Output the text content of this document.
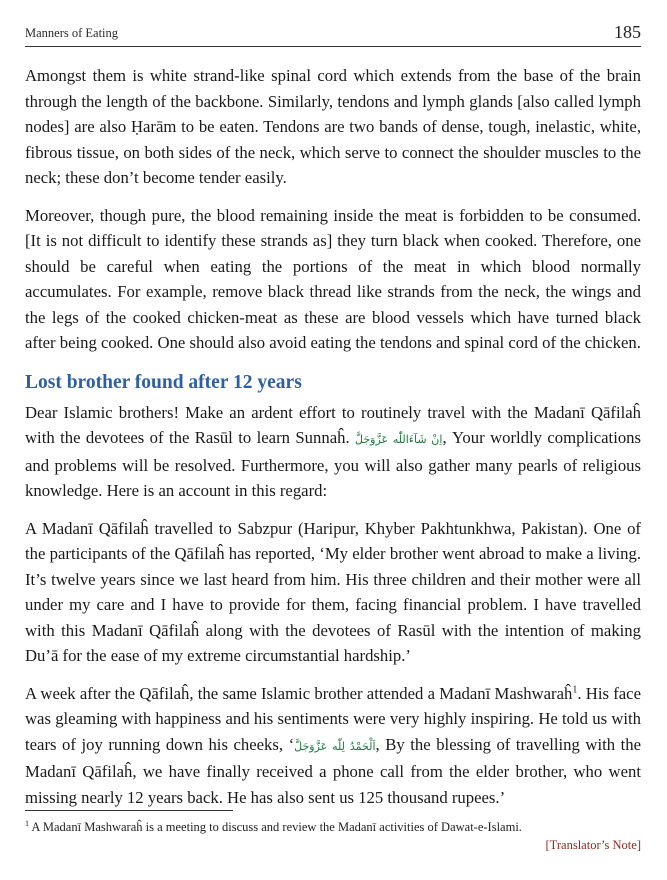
Manners of Eating	185

Amongst them is white strand-like spinal cord which extends from the base of the brain through the length of the backbone. Similarly, tendons and lymph glands [also called lymph nodes] are also Ḥarām to be eaten. Tendons are two bands of dense, tough, inelastic, white, fibrous tissue, on both sides of the neck, which serve to connect the shoulder muscles to the neck; these don’t become tender easily.

Moreover, though pure, the blood remaining inside the meat is forbidden to be consumed. [It is not difficult to identify these strands as] they turn black when cooked. Therefore, one should be careful when eating the portions of the meat in which blood normally accumulates. For example, remove black thread like strands from the neck, the wings and the legs of the cooked chicken-meat as these are blood vessels which have turned black after being cooked. One should also avoid eating the tendons and spinal cord of the chicken.

Lost brother found after 12 years

Dear Islamic brothers! Make an ardent effort to routinely travel with the Madanī Qāfilaĥ with the devotees of the Rasūl to learn Sunnaĥ. اِنْ شَآءَاللّٰه عَزَّوَجَلَّ, Your worldly complications and problems will be resolved. Furthermore, you will also gather many pearls of religious knowledge. Here is an account in this regard:

A Madanī Qāfilaĥ travelled to Sabzpur (Haripur, Khyber Pakhtunkhwa, Pakistan). One of the participants of the Qāfilaĥ has reported, ‘My elder brother went abroad to make a living. It’s twelve years since we last heard from him. His three children and their mother were all under my care and I have to provide for them, facing financial problem. I have travelled with this Madanī Qāfilaĥ along with the devotees of Rasūl with the intention of making Du’ā for the ease of my extreme circumstantial hardship.’

A week after the Qāfilaĥ, the same Islamic brother attended a Madanī Mashwaraĥ$^1$. His face was gleaming with happiness and his sentiments were very highly inspiring. He told us with tears of joy running down his cheeks, ‘اَلْحَمْدُ لِلّٰه عَزَّوَجَلَّ, By the blessing of travelling with the Madanī Qāfilaĥ, we have finally received a phone call from the elder brother, who went missing nearly 12 years back. He has also sent us 125 thousand rupees.’

$^1$ A Madanī Mashwaraĥ is a meeting to discuss and review the Madanī activities of Dawat-e-Islami.
[Translator’s Note]
